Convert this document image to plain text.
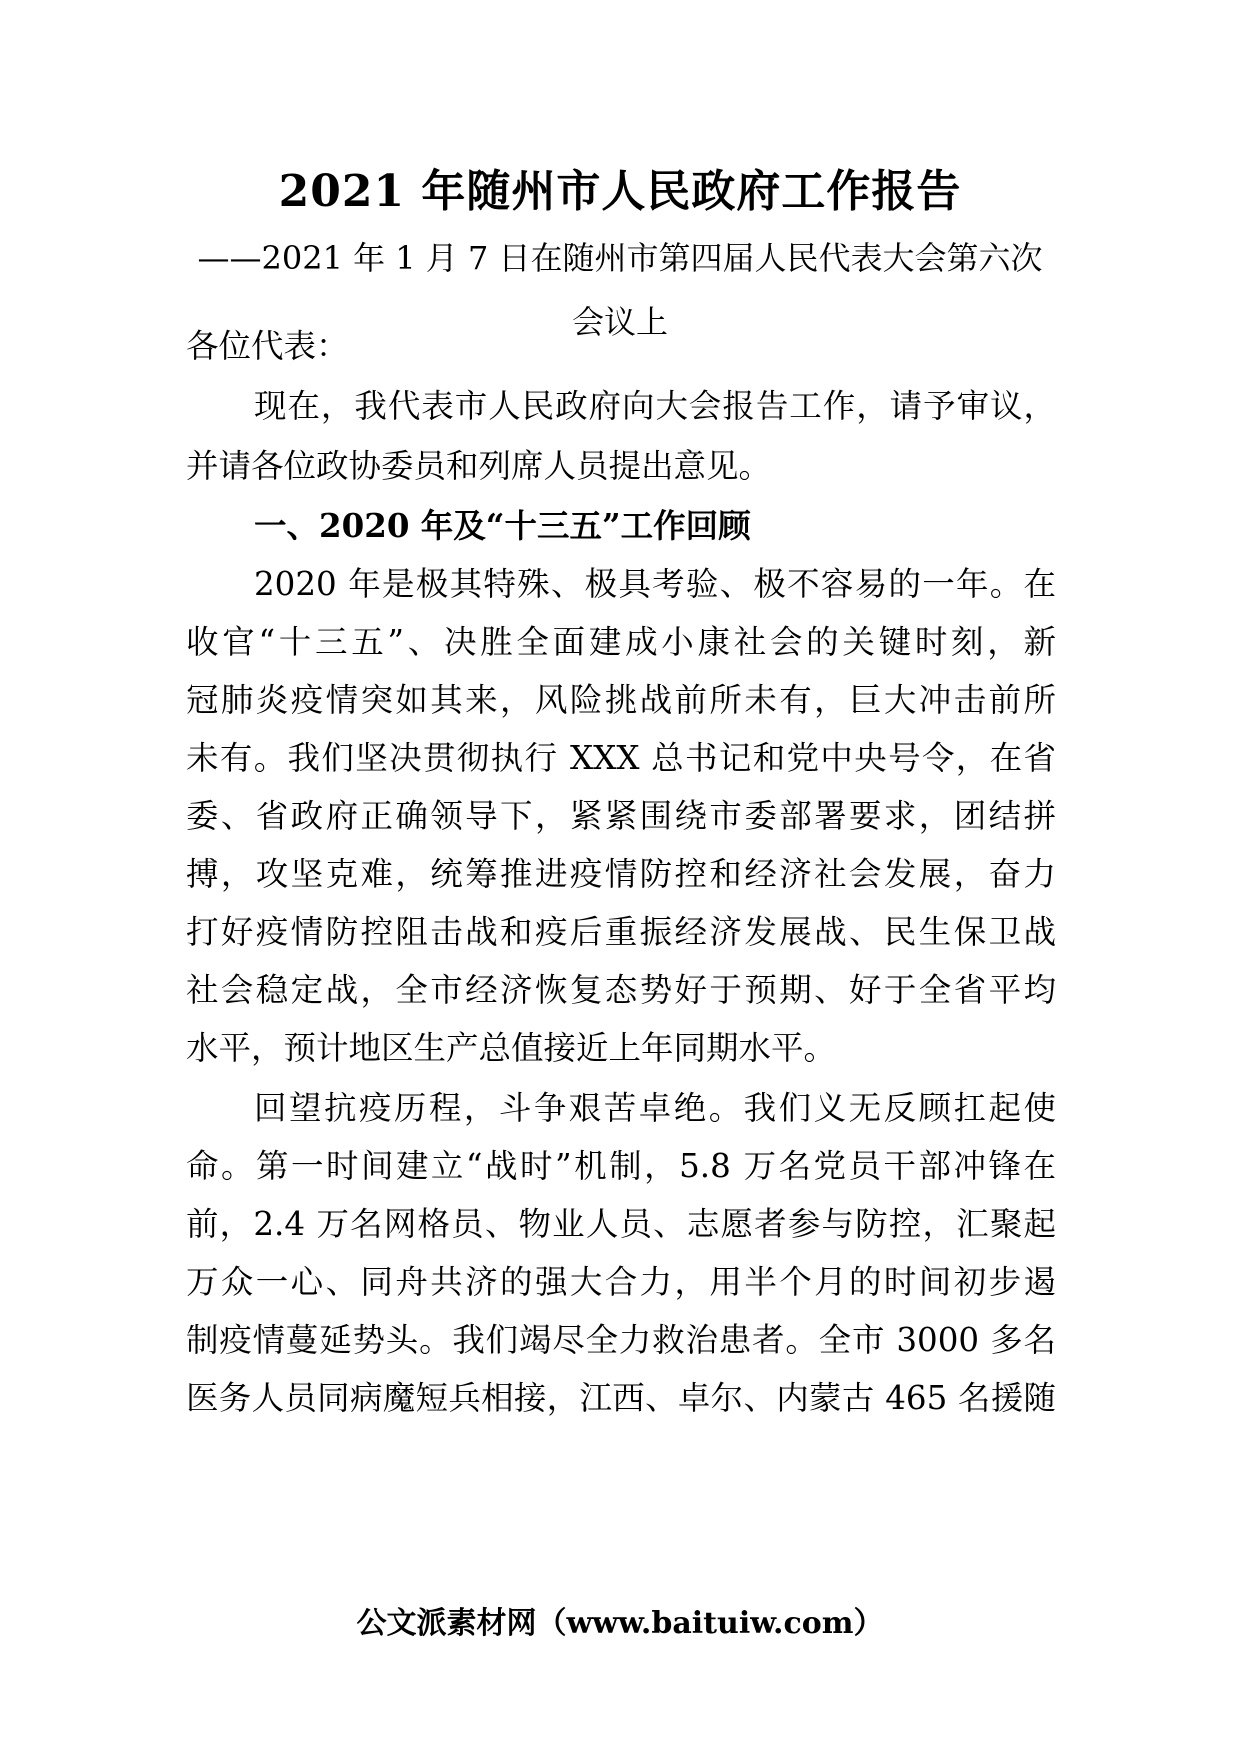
2021 年随州市人民政府工作报告
——2021 年 1 月 7 日在随州市第四届人民代表大会第六次
会议上
各位代表：
现在，我代表市人民政府向大会报告工作，请予审议，
并请各位政协委员和列席人员提出意见。
一、2020 年及“十三五”工作回顾
2020 年是极其特殊、极具考验、极不容易的一年。在
收官“十三五”、决胜全面建成小康社会的关键时刻，新
冠肺炎疫情突如其来，风险挑战前所未有，巨大冲击前所
未有。我们坚决贯彻执行 XXX 总书记和党中央号令，在省
委、省政府正确领导下，紧紧围绕市委部署要求，团结拼
搏，攻坚克难，统筹推进疫情防控和经济社会发展，奋力
打好疫情防控阻击战和疫后重振经济发展战、民生保卫战
社会稳定战，全市经济恢复态势好于预期、好于全省平均
水平，预计地区生产总值接近上年同期水平。
回望抗疫历程，斗争艰苦卓绝。我们义无反顾扛起使
命。第一时间建立“战时”机制，5.8 万名党员干部冲锋在
前，2.4 万名网格员、物业人员、志愿者参与防控，汇聚起
万众一心、同舟共济的强大合力，用半个月的时间初步遏
制疫情蔓延势头。我们竭尽全力救治患者。全市 3000 多名
医务人员同病魔短兵相接，江西、卓尔、内蒙古 465 名援随
公文派素材网（www.baituiw.com）
